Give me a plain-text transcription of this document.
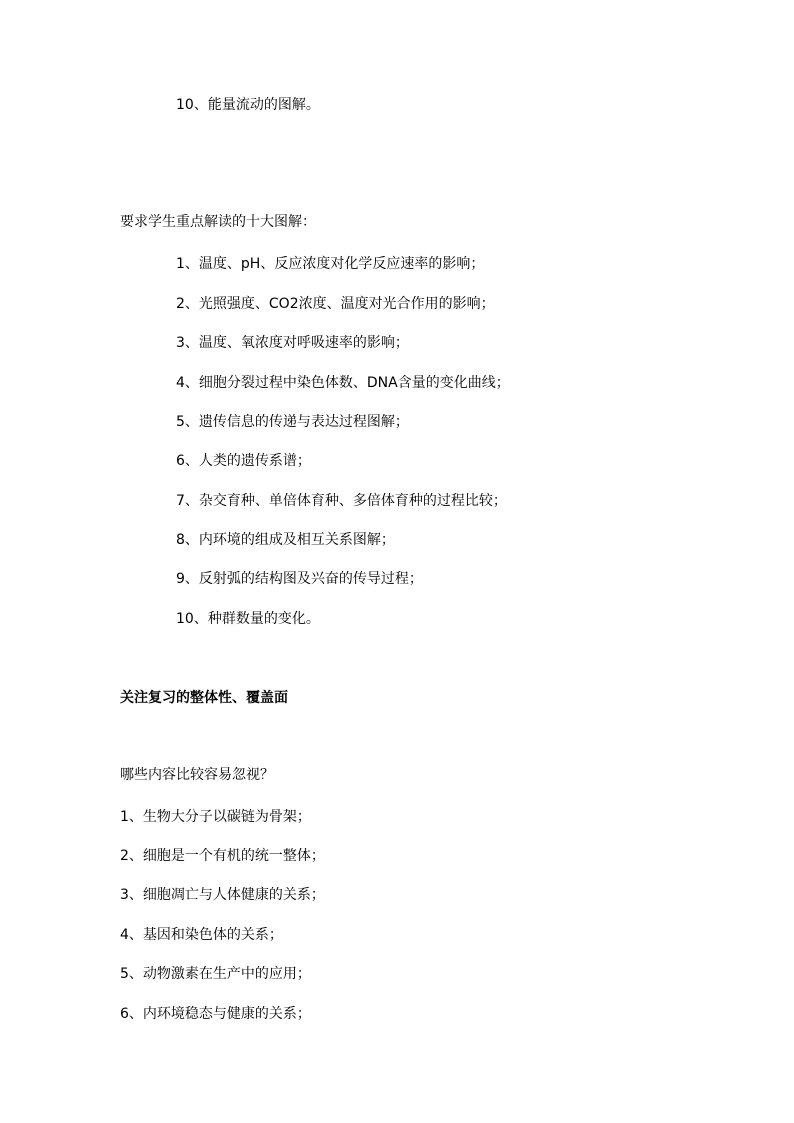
10、能量流动的图解。
要求学生重点解读的十大图解：
1、温度、pH、反应浓度对化学反应速率的影响；
2、光照强度、CO2浓度、温度对光合作用的影响；
3、温度、氧浓度对呼吸速率的影响；
4、细胞分裂过程中染色体数、DNA含量的变化曲线；
5、遗传信息的传递与表达过程图解；
6、人类的遗传系谱；
7、杂交育种、单倍体育种、多倍体育种的过程比较；
8、内环境的组成及相互关系图解；
9、反射弧的结构图及兴奋的传导过程；
10、种群数量的变化。
关注复习的整体性、覆盖面
哪些内容比较容易忽视？
1、生物大分子以碳链为骨架；
2、细胞是一个有机的统一整体；
3、细胞凋亡与人体健康的关系；
4、基因和染色体的关系；
5、动物激素在生产中的应用；
6、内环境稳态与健康的关系；
